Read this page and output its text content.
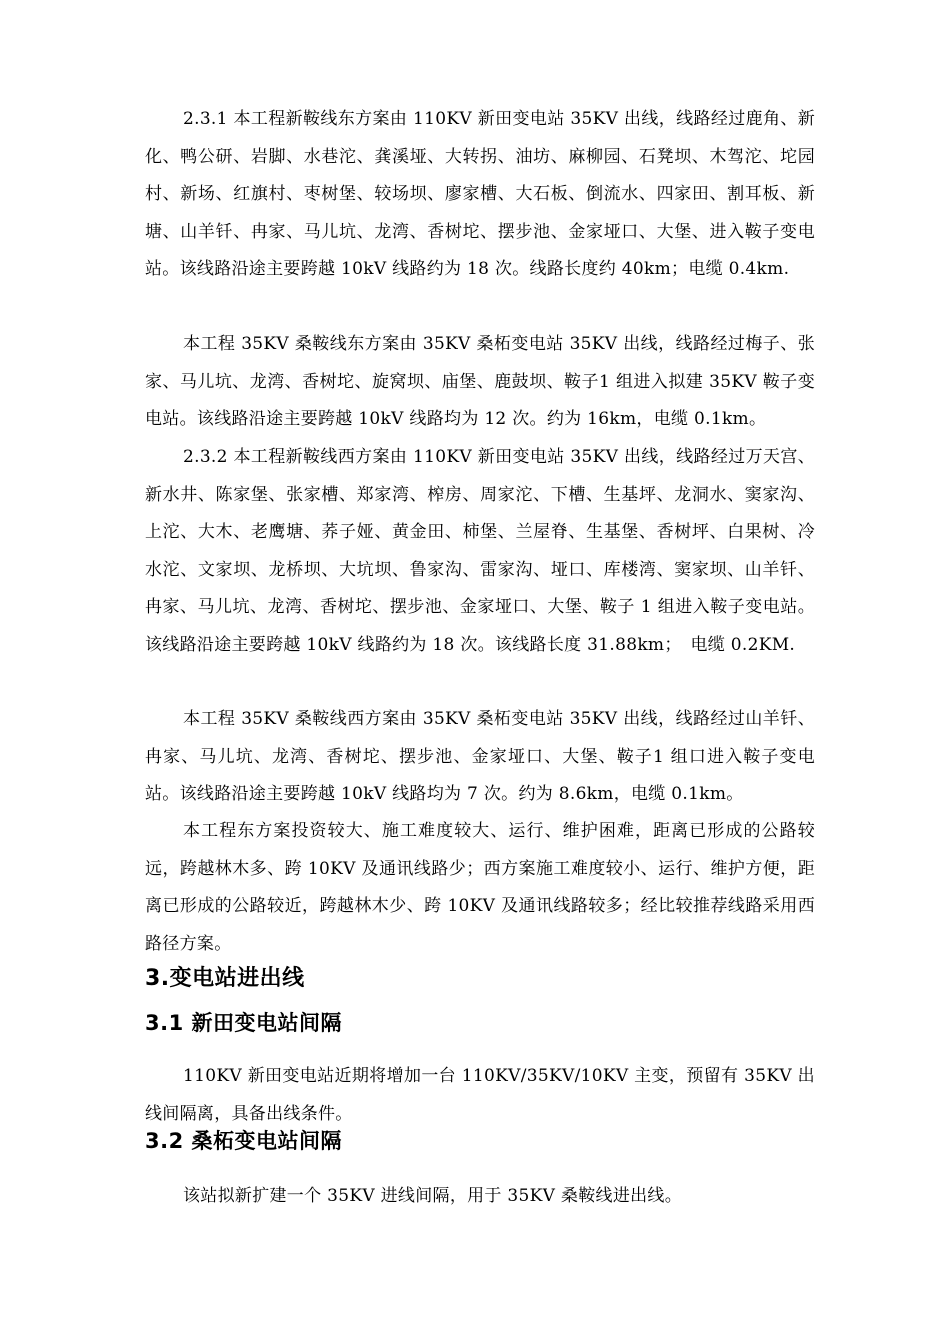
2.3.1 本工程新鞍线东方案由 110KV 新田变电站 35KV 出线，线路经过鹿角、新化、鸭公研、岩脚、水巷沱、龚溪垭、大转拐、油坊、麻柳园、石凳坝、木驾沱、坨园村、新场、红旗村、枣树堡、较场坝、廖家槽、大石板、倒流水、四家田、割耳板、新塘、山羊钎、冉家、马儿坑、龙湾、香树坨、摆步池、金家垭口、大堡、进入鞍子变电站。该线路沿途主要跨越 10kV 线路约为 18 次。线路长度约 40km；电缆 0.4km.

本工程 35KV 桑鞍线东方案由 35KV 桑柘变电站 35KV 出线，线路经过梅子、张家、马儿坑、龙湾、香树坨、旋窝坝、庙堡、鹿鼓坝、鞍子1 组进入拟建 35KV 鞍子变电站。该线路沿途主要跨越 10kV 线路均为 12 次。约为 16km，电缆 0.1km。

2.3.2 本工程新鞍线西方案由 110KV 新田变电站 35KV 出线，线路经过万天宫、新水井、陈家堡、张家槽、郑家湾、榨房、周家沱、下槽、生基坪、龙洞水、窦家沟、上沱、大木、老鹰塘、荞子娅、黄金田、柿堡、兰屋脊、生基堡、香树坪、白果树、冷水沱、文家坝、龙桥坝、大坑坝、鲁家沟、雷家沟、垭口、库楼湾、窦家坝、山羊钎、冉家、马儿坑、龙湾、香树坨、摆步池、金家垭口、大堡、鞍子 1 组进入鞍子变电站。该线路沿途主要跨越 10kV 线路约为 18 次。该线路长度 31.88km；　电缆 0.2KM.

本工程 35KV 桑鞍线西方案由 35KV 桑柘变电站 35KV 出线，线路经过山羊钎、冉家、马儿坑、龙湾、香树坨、摆步池、金家垭口、大堡、鞍子1 组口进入鞍子变电站。该线路沿途主要跨越 10kV 线路均为 7 次。约为 8.6km，电缆 0.1km。

本工程东方案投资较大、施工难度较大、运行、维护困难，距离已形成的公路较远，跨越林木多、跨 10KV 及通讯线路少；西方案施工难度较小、运行、维护方便，距离已形成的公路较近，跨越林木少、跨 10KV 及通讯线路较多；经比较推荐线路采用西路径方案。

3.变电站进出线
3.1 新田变电站间隔

110KV 新田变电站近期将增加一台 110KV/35KV/10KV 主变，预留有 35KV 出线间隔离，具备出线条件。

3.2 桑柘变电站间隔

该站拟新扩建一个 35KV 进线间隔，用于 35KV 桑鞍线进出线。
